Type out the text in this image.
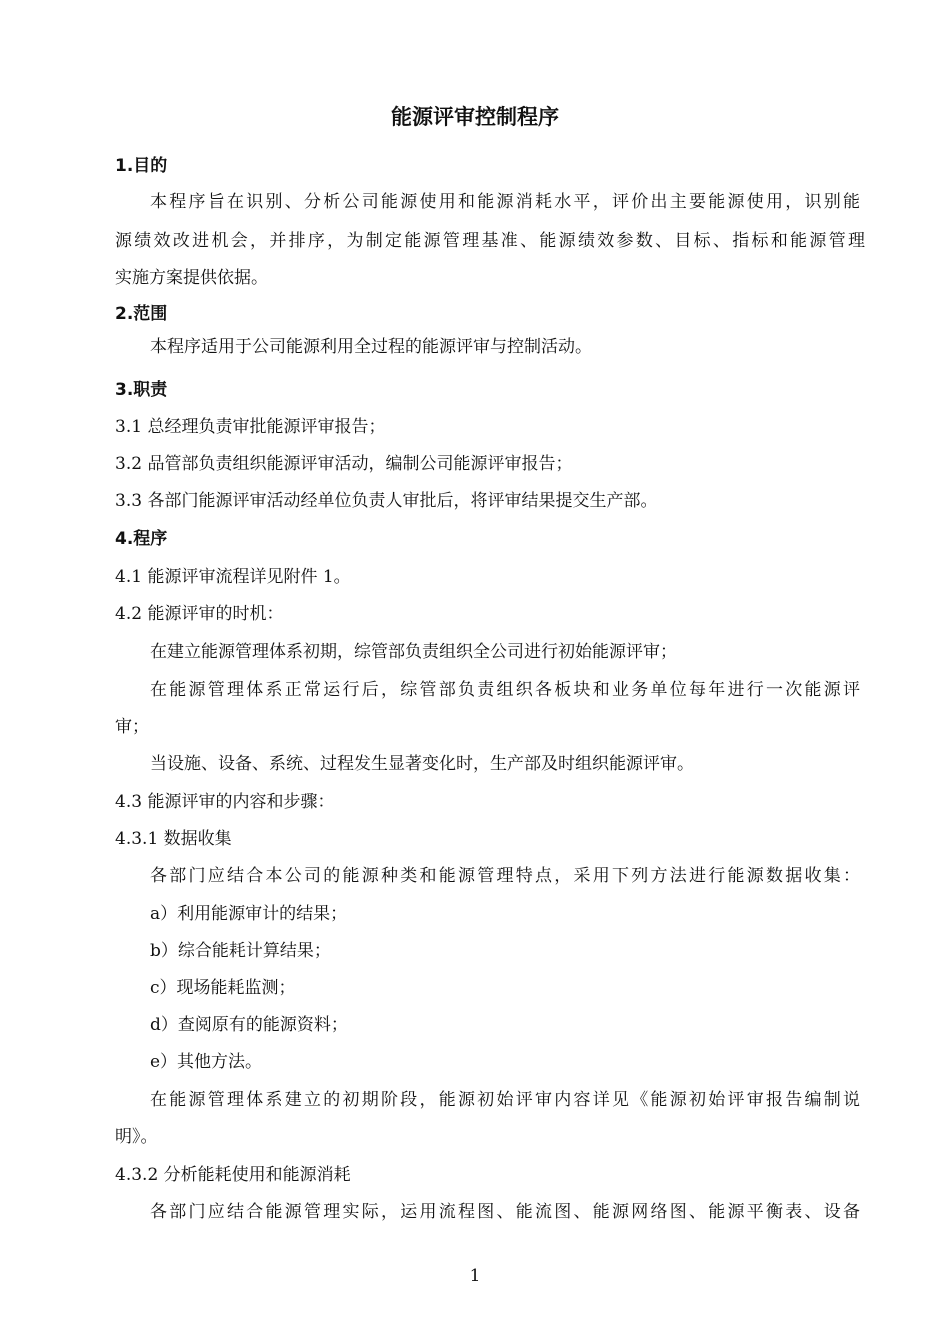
能源评审控制程序
1.目的
本程序旨在识别、分析公司能源使用和能源消耗水平，评价出主要能源使用，识别能
源绩效改进机会，并排序，为制定能源管理基准、能源绩效参数、目标、指标和能源管理
实施方案提供依据。
2.范围
本程序适用于公司能源利用全过程的能源评审与控制活动。
3.职责
3.1 总经理负责审批能源评审报告；
3.2 品管部负责组织能源评审活动，编制公司能源评审报告；
3.3 各部门能源评审活动经单位负责人审批后，将评审结果提交生产部。
4.程序
4.1 能源评审流程详见附件 1。
4.2 能源评审的时机：
在建立能源管理体系初期，综管部负责组织全公司进行初始能源评审；
在能源管理体系正常运行后，综管部负责组织各板块和业务单位每年进行一次能源评
审；
当设施、设备、系统、过程发生显著变化时，生产部及时组织能源评审。
4.3 能源评审的内容和步骤：
4.3.1 数据收集
各部门应结合本公司的能源种类和能源管理特点，采用下列方法进行能源数据收集：
a）利用能源审计的结果；
b）综合能耗计算结果；
c）现场能耗监测；
d）查阅原有的能源资料；
e）其他方法。
在能源管理体系建立的初期阶段，能源初始评审内容详见《能源初始评审报告编制说
明》。
4.3.2 分析能耗使用和能源消耗
各部门应结合能源管理实际，运用流程图、能流图、能源网络图、能源平衡表、设备
1
